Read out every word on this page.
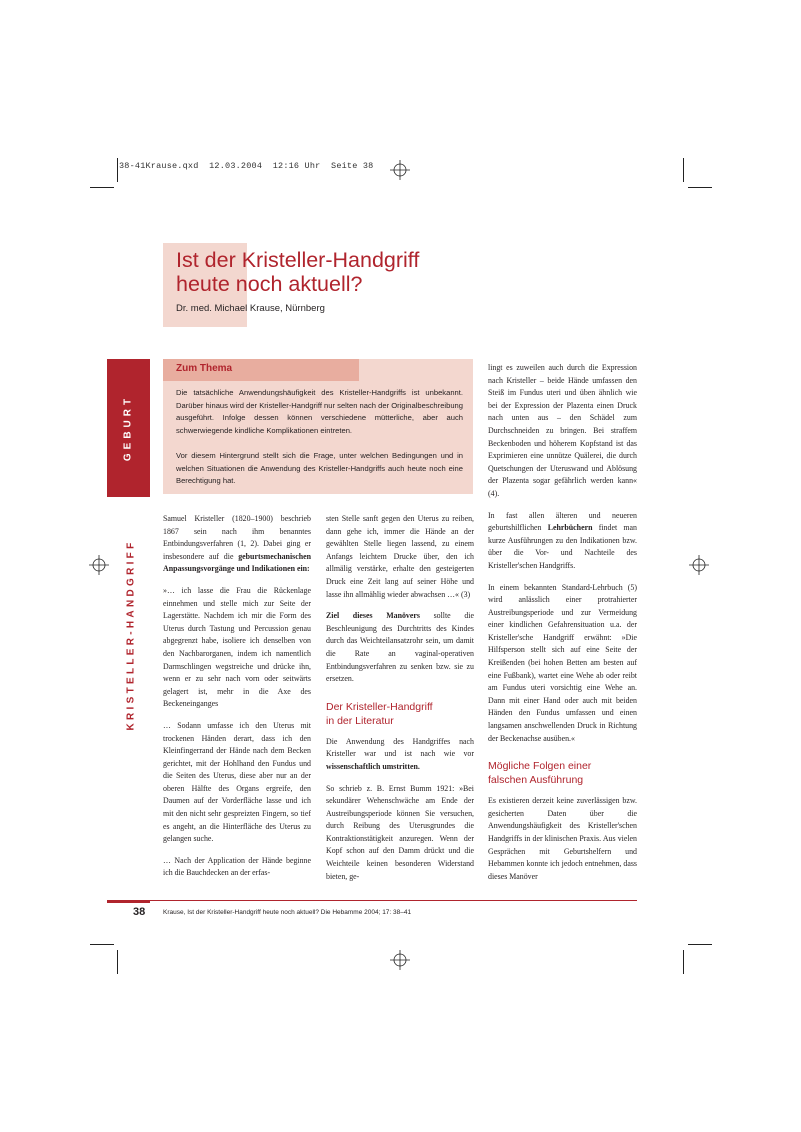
38-41Krause.qxd  12.03.2004  12:16 Uhr  Seite 38
Ist der Kristeller-Handgriff
heute noch aktuell?
Dr. med. Michael Krause, Nürnberg
GEBURT
KRISTELLER-HANDGRIFF
Zum Thema

Die tatsächliche Anwendungshäufigkeit des Kristeller-Handgriffs ist unbekannt. Darüber hinaus wird der Kristeller-Handgriff nur selten nach der Originalbeschreibung ausgeführt. Infolge dessen können verschiedene mütterliche, aber auch schwerwiegende kindliche Komplikationen eintreten.

Vor diesem Hintergrund stellt sich die Frage, unter welchen Bedingungen und in welchen Situationen die Anwendung des Kristeller-Handgriffs auch heute noch eine Berechtigung hat.

Samuel Kristeller (1820–1900) beschrieb 1867 sein nach ihm benanntes Entbindungsverfahren (1, 2). Dabei ging er insbesondere auf die geburtsmechanischen Anpassungsvorgänge und Indikationen ein:

»… ich lasse die Frau die Rückenlage einnehmen und stelle mich zur Seite der Lagerstätte. Nachdem ich mir die Form des Uterus durch Tastung und Percussion genau abgegrenzt habe, isoliere ich denselben von den Nachbarorganen, indem ich namentlich Darmschlingen wegstreiche und drücke ihn, wenn er zu sehr nach vorn oder seitwärts gelagert ist, mehr in die Axe des Beckeneinganges

… Sodann umfasse ich den Uterus mit trockenen Händen derart, dass ich den Kleinfingerrand der Hände nach dem Becken gerichtet, mit der Hohlhand den Fundus und die Seiten des Uterus, diese aber nur an der oberen Hälfte des Organs ergreife, den Daumen auf der Vorderfläche lasse und ich mit den nicht sehr gespreizten Fingern, so tief es angeht, an die Hinterfläche des Uterus zu gelangen suche.

… Nach der Application der Hände beginne ich die Bauchdecken an der erfas-

sten Stelle sanft gegen den Uterus zu reiben, dann gehe ich, immer die Hände an der gewählten Stelle liegen lassend, zu einem Anfangs leichtem Drucke über, den ich allmälig verstärke, erhalte den gesteigerten Druck eine Zeit lang auf seiner Höhe und lasse ihn allmählig wieder abwachsen …« (3)

Ziel dieses Manövers sollte die Beschleunigung des Durchtritts des Kindes durch das Weichteilansatzrohr sein, um damit die Rate an vaginal-operativen Entbindungsverfahren zu senken bzw. sie zu ersetzen.

Der Kristeller-Handgriff
in der Literatur

Die Anwendung des Handgriffes nach Kristeller war und ist nach wie vor wissenschaftlich umstritten.

So schrieb z. B. Ernst Bumm 1921: »Bei sekundärer Wehenschwäche am Ende der Austreibungsperiode können Sie versuchen, durch Reibung des Uterusgrundes die Kontraktionstätigkeit anzuregen. Wenn der Kopf schon auf den Damm drückt und die Weichteile keinen besonderen Widerstand bieten, ge-

lingt es zuweilen auch durch die Expression nach Kristeller – beide Hände umfassen den Steiß im Fundus uteri und üben ähnlich wie bei der Expression der Plazenta einen Druck nach unten aus – den Schädel zum Durchschneiden zu bringen. Bei straffem Beckenboden und höherem Kopfstand ist das Exprimieren eine unnütze Quälerei, die durch Quetschungen der Uteruswand und Ablösung der Plazenta sogar gefährlich werden kann« (4).

In fast allen älteren und neueren geburtshilflichen Lehrbüchern findet man kurze Ausführungen zu den Indikationen bzw. über die Vor- und Nachteile des Kristeller'schen Handgriffs.

In einem bekannten Standard-Lehrbuch (5) wird anlässlich einer protrahierter Austreibungsperiode und zur Vermeidung einer kindlichen Gefahrensituation u.a. der Kristeller'sche Handgriff erwähnt: »Die Hilfsperson stellt sich auf eine Seite der Kreißenden (bei hohen Betten am besten auf eine Fußbank), wartet eine Wehe ab oder reibt am Fundus uteri vorsichtig eine Wehe an. Dann mit einer Hand oder auch mit beiden Händen den Fundus umfassen und einen langsamen anschwellenden Druck in Richtung der Beckenachse ausüben.«

Mögliche Folgen einer
falschen Ausführung

Es existieren derzeit keine zuverlässigen bzw. gesicherten Daten über die Anwendungshäufigkeit des Kristeller'schen Handgriffs in der klinischen Praxis. Aus vielen Gesprächen mit Geburtshelfern und Hebammen konnte ich jedoch entnehmen, dass dieses Manöver

38	Krause, Ist der Kristeller-Handgriff heute noch aktuell? Die Hebamme 2004; 17: 38–41
